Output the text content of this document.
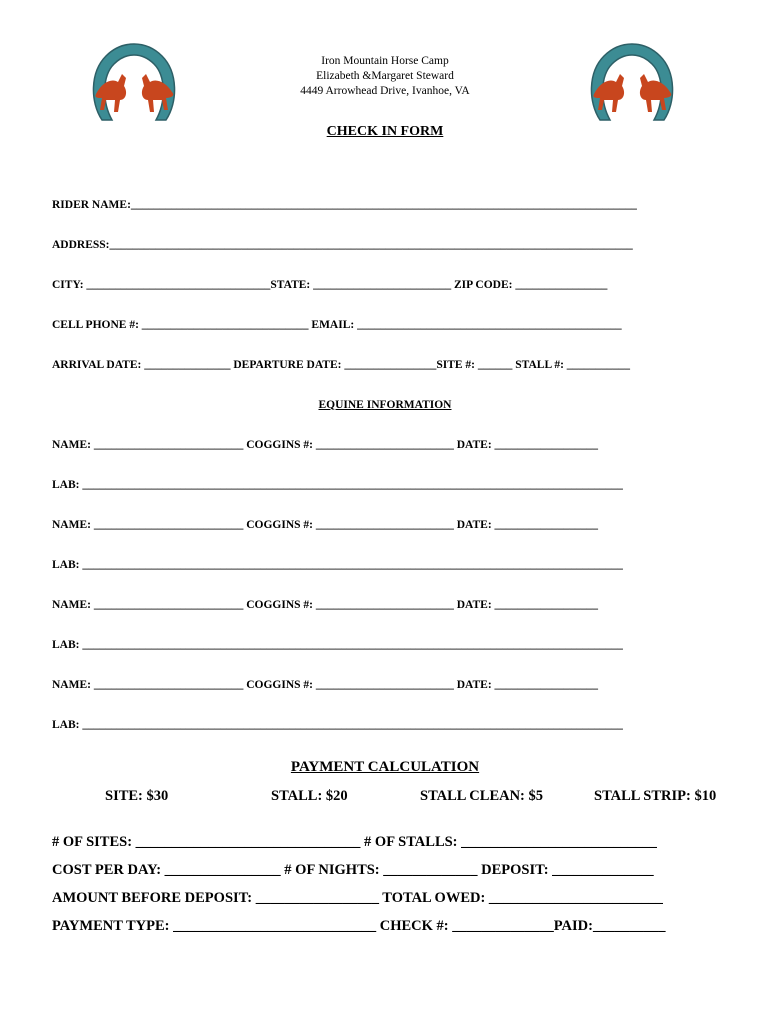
Iron Mountain Horse Camp
Elizabeth &Margaret Steward
4449 Arrowhead Drive, Ivanhoe, VA
CHECK IN FORM
RIDER NAME:________________________________________________________________________________________
ADDRESS:___________________________________________________________________________________________
CITY: ________________________________STATE: ________________________ ZIP CODE: ________________
CELL PHONE #: _____________________________ EMAIL: ______________________________________________
ARRIVAL DATE: _______________ DEPARTURE DATE: ________________SITE #: ______ STALL #: ___________
EQUINE INFORMATION
NAME: __________________________ COGGINS #: ________________________ DATE: __________________
LAB: ______________________________________________________________________________________________
NAME: __________________________ COGGINS #: ________________________ DATE: __________________
LAB: ______________________________________________________________________________________________
NAME: __________________________ COGGINS #: ________________________ DATE: __________________
LAB: ______________________________________________________________________________________________
NAME: __________________________ COGGINS #: ________________________ DATE: __________________
LAB: ______________________________________________________________________________________________
PAYMENT CALCULATION
SITE: $30	STALL: $20	STALL CLEAN: $5	STALL STRIP: $10
# OF SITES: _______________________________ # OF STALLS: ___________________________
COST PER DAY: ________________ # OF NIGHTS: _____________ DEPOSIT: ______________
AMOUNT BEFORE DEPOSIT: _________________ TOTAL OWED: ________________________
PAYMENT TYPE: ____________________________ CHECK #: ______________PAID:__________
